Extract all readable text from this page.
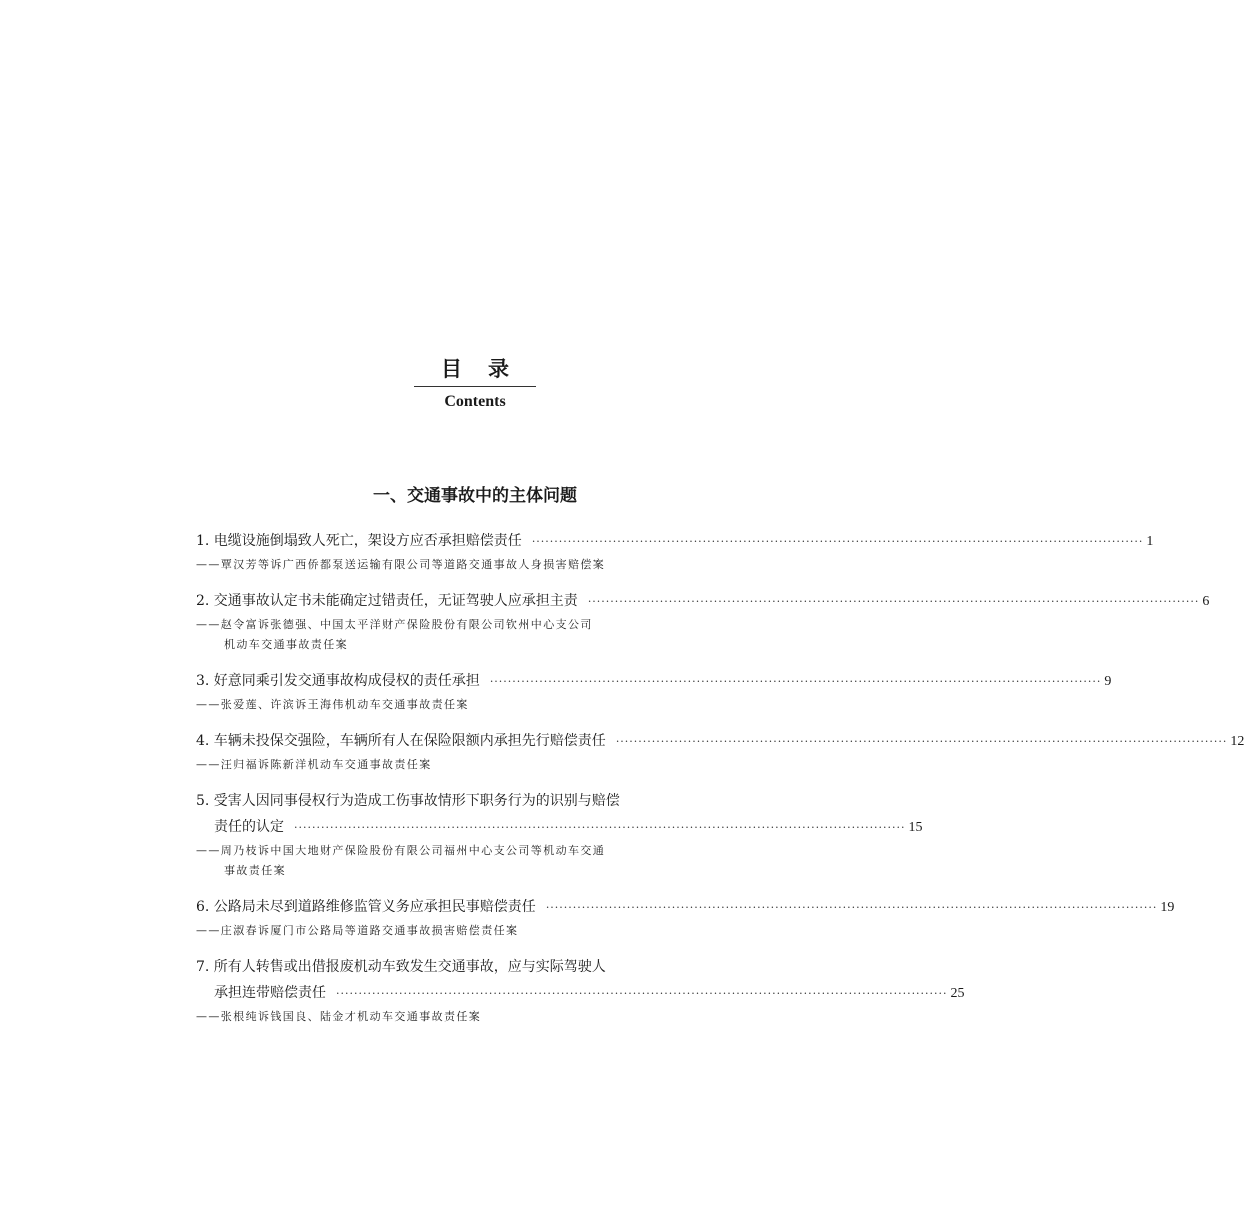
目录
Contents
一、交通事故中的主体问题
1. 电缆设施倒塌致人死亡，架设方应否承担赔偿责任 ········································································································································ 1
——覃汉芳等诉广西侨都泵送运输有限公司等道路交通事故人身损害赔偿案
2. 交通事故认定书未能确定过错责任，无证驾驶人应承担主责 ········································································································································ 6
——赵令富诉张德强、中国太平洋财产保险股份有限公司钦州中心支公司
机动车交通事故责任案
3. 好意同乘引发交通事故构成侵权的责任承担 ········································································································································ 9
——张爱莲、许滨诉王海伟机动车交通事故责任案
4. 车辆未投保交强险，车辆所有人在保险限额内承担先行赔偿责任 ········································································································································ 12
——汪归福诉陈新洋机动车交通事故责任案
5. 受害人因同事侵权行为造成工伤事故情形下职务行为的识别与赔偿
责任的认定 ········································································································································ 15
——周乃枝诉中国大地财产保险股份有限公司福州中心支公司等机动车交通
事故责任案
6. 公路局未尽到道路维修监管义务应承担民事赔偿责任 ········································································································································ 19
——庄淑春诉厦门市公路局等道路交通事故损害赔偿责任案
7. 所有人转售或出借报废机动车致发生交通事故，应与实际驾驶人
承担连带赔偿责任 ········································································································································ 25
——张根纯诉钱国良、陆金才机动车交通事故责任案
